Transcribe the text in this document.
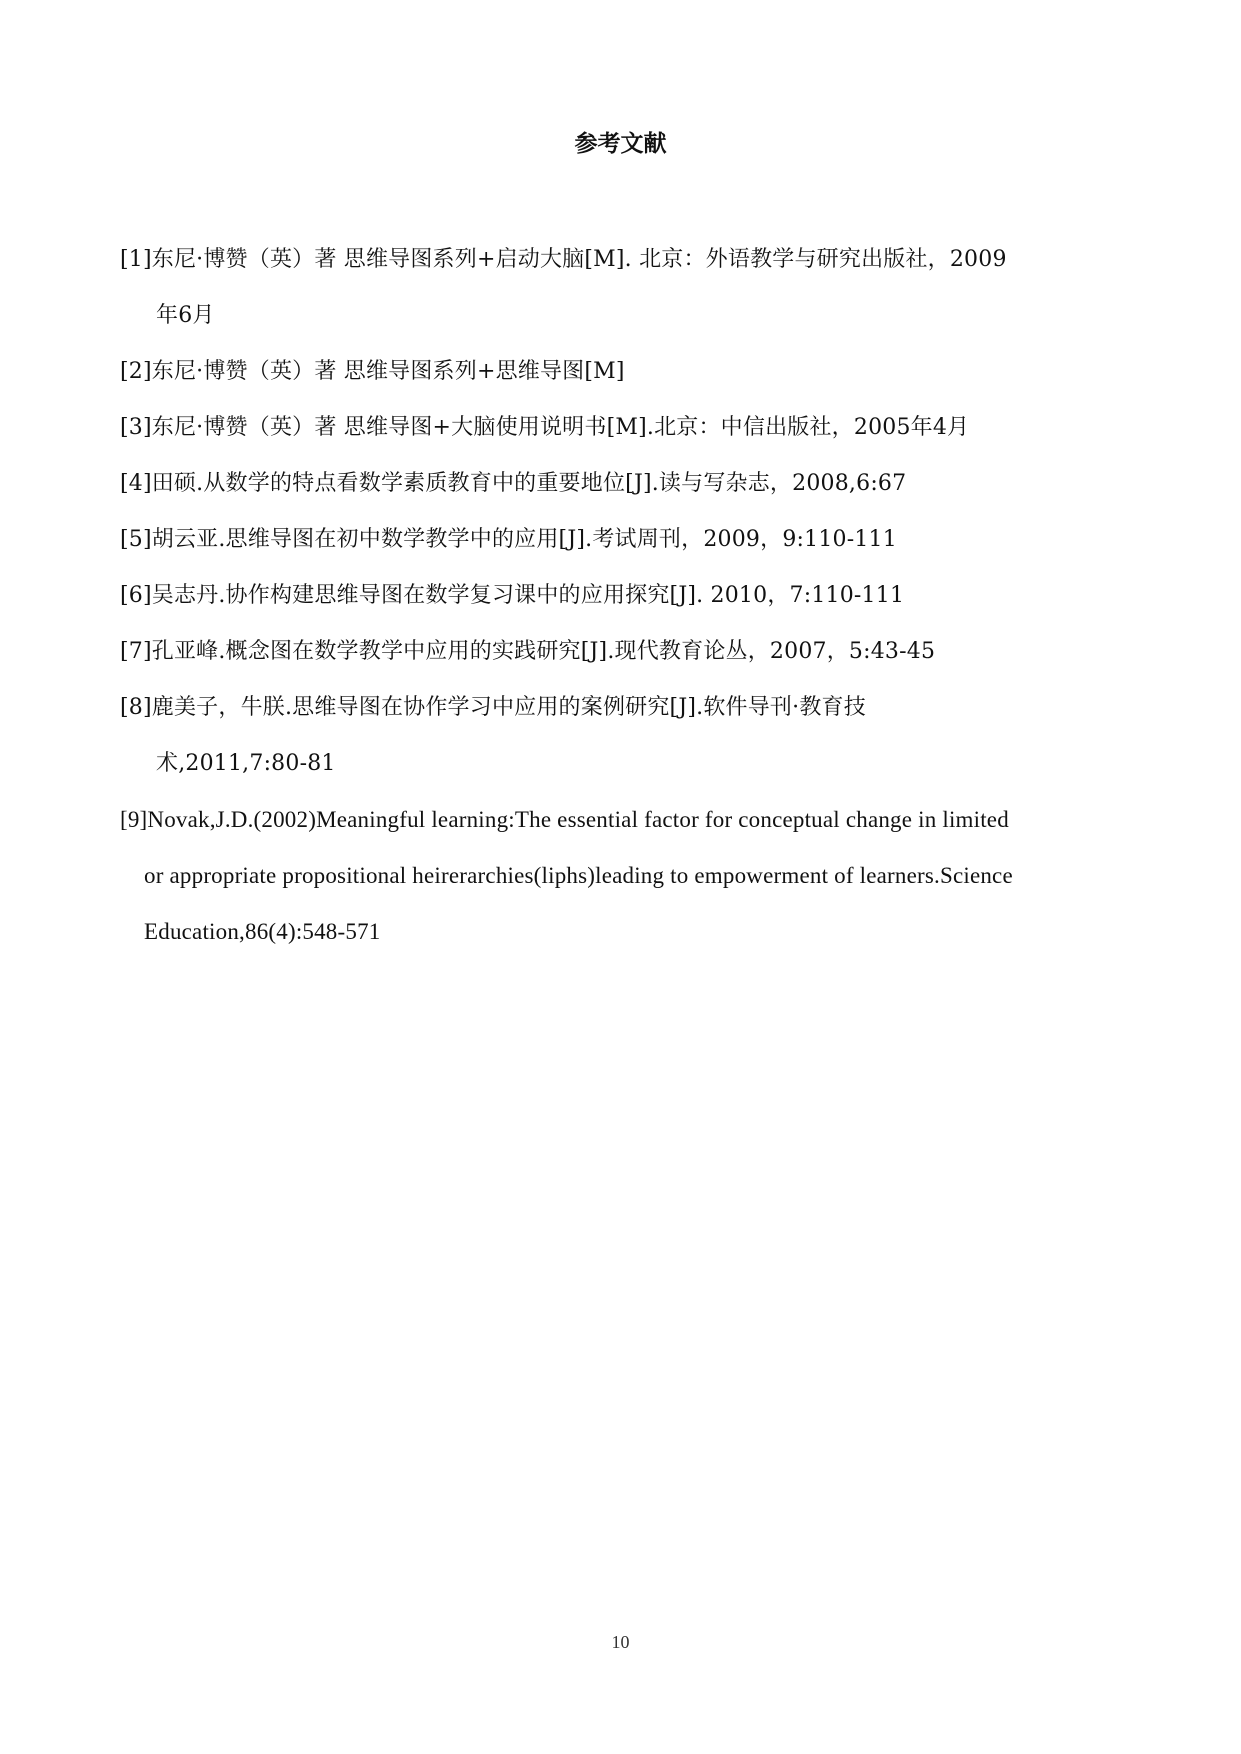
参考文献
[1]东尼·博赞（英）著 思维导图系列+启动大脑[M]. 北京：外语教学与研究出版社，2009
年6月
[2]东尼·博赞（英）著 思维导图系列+思维导图[M]
[3]东尼·博赞（英）著 思维导图+大脑使用说明书[M].北京：中信出版社，2005年4月
[4]田硕.从数学的特点看数学素质教育中的重要地位[J].读与写杂志，2008,6:67
[5]胡云亚.思维导图在初中数学教学中的应用[J].考试周刊，2009，9:110-111
[6]吴志丹.协作构建思维导图在数学复习课中的应用探究[J]. 2010，7:110-111
[7]孔亚峰.概念图在数学教学中应用的实践研究[J].现代教育论丛，2007，5:43-45
[8]鹿美子，牛朕.思维导图在协作学习中应用的案例研究[J].软件导刊·教育技
术,2011,7:80-81
[9]Novak,J.D.(2002)Meaningful learning:The essential factor for conceptual change in limited
or appropriate propositional heirerarchies(liphs)leading to empowerment of learners.Science
Education,86(4):548-571
10
